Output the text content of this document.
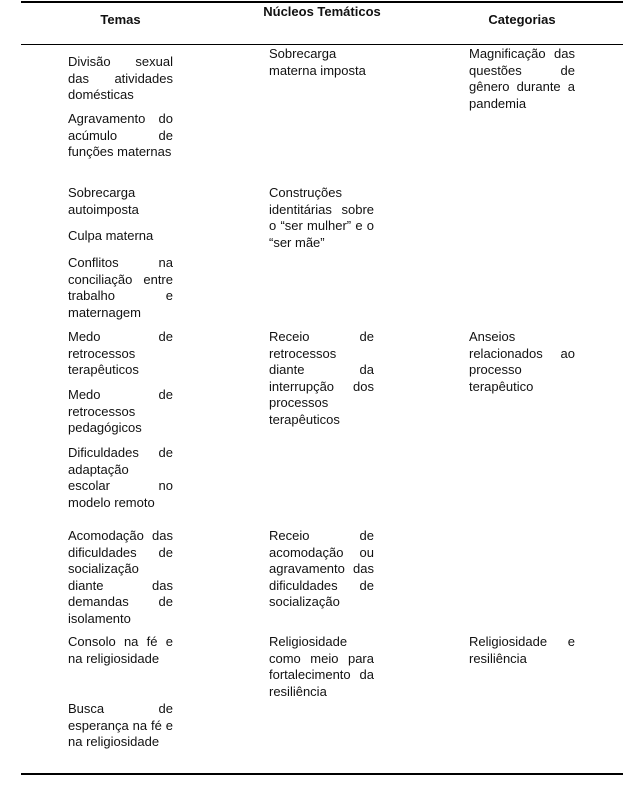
Temas
Núcleos Temáticos
Categorias
Divisão sexual das atividades domésticas
Agravamento do acúmulo de funções maternas
Sobrecarga autoimposta
Culpa materna
Conflitos na conciliação entre trabalho e maternagem
Medo de retrocessos terapêuticos
Medo de retrocessos pedagógicos
Dificuldades de adaptação escolar no modelo remoto
Acomodação das dificuldades de socialização diante das demandas de isolamento
Consolo na fé e na religiosidade
Busca de esperança na fé e na religiosidade
Sobrecarga materna imposta
Construções identitárias sobre o “ser mulher” e o “ser mãe”
Receio de retrocessos diante da interrupção dos processos terapêuticos
Receio de acomodação ou agravamento das dificuldades de socialização
Religiosidade como meio para fortalecimento da resiliência
Magnificação das questões de gênero durante a pandemia
Anseios relacionados ao processo terapêutico
Religiosidade e resiliência
